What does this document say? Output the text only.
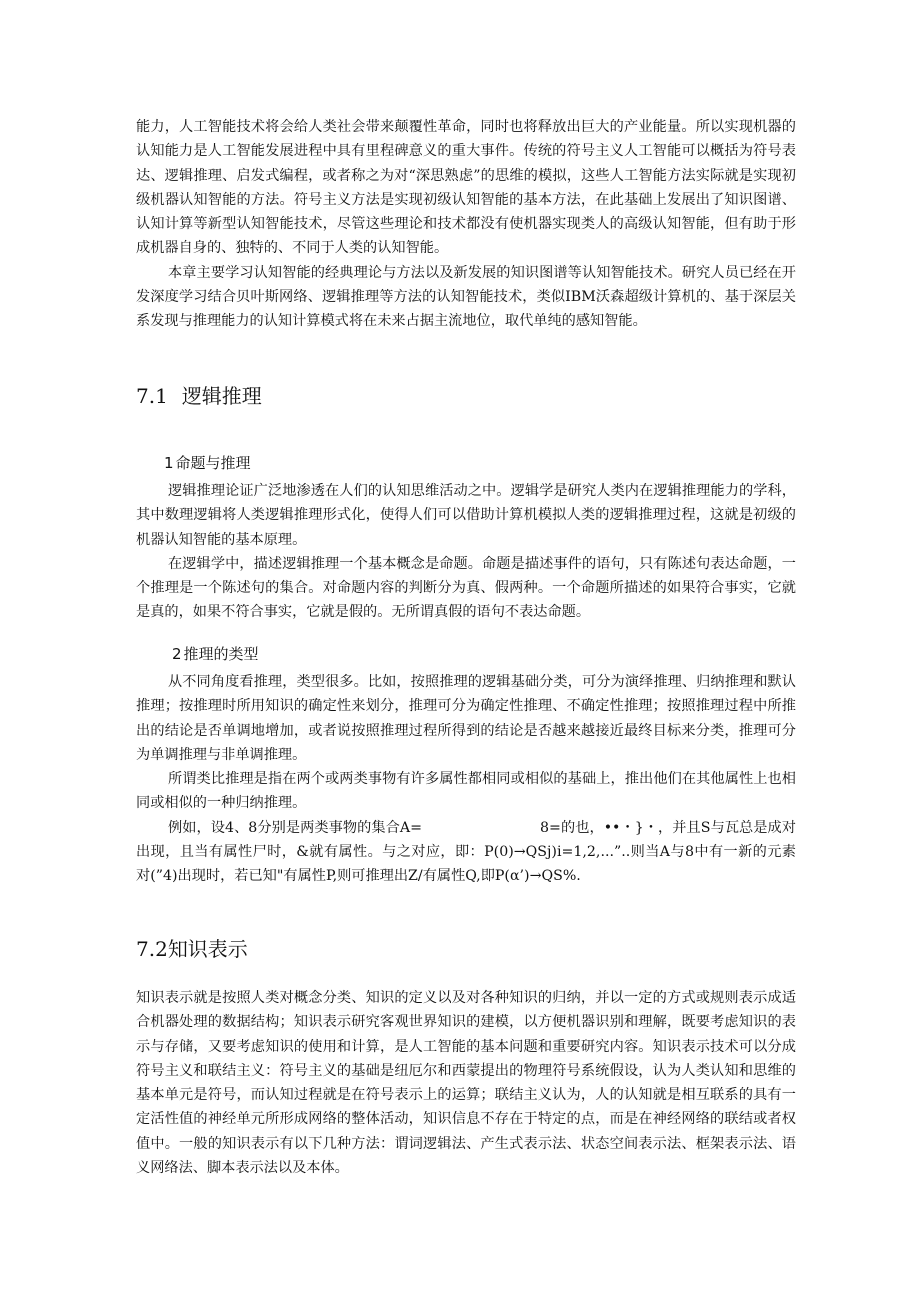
能力，人工智能技术将会给人类社会带来颠覆性革命，同时也将释放出巨大的产业能量。所以实现机器的认知能力是人工智能发展进程中具有里程碑意义的重大事件。传统的符号主义人工智能可以概括为符号表达、逻辑推理、启发式编程，或者称之为对“深思熟虑”的思维的模拟，这些人工智能方法实际就是实现初级机器认知智能的方法。符号主义方法是实现初级认知智能的基本方法，在此基础上发展出了知识图谱、认知计算等新型认知智能技术，尽管这些理论和技术都没有使机器实现类人的高级认知智能，但有助于形成机器自身的、独特的、不同于人类的认知智能。

本章主要学习认知智能的经典理论与方法以及新发展的知识图谱等认知智能技术。研究人员已经在开发深度学习结合贝叶斯网络、逻辑推理等方法的认知智能技术，类似IBM沃森超级计算机的、基于深层关系发现与推理能力的认知计算模式将在未来占据主流地位，取代单纯的感知智能。

7.1 逻辑推理
1 命题与推理

逻辑推理论证广泛地渗透在人们的认知思维活动之中。逻辑学是研究人类内在逻辑推理能力的学科，其中数理逻辑将人类逻辑推理形式化，使得人们可以借助计算机模拟人类的逻辑推理过程，这就是初级的机器认知智能的基本原理。

在逻辑学中，描述逻辑推理一个基本概念是命题。命题是描述事件的语句，只有陈述句表达命题，一个推理是一个陈述句的集合。对命题内容的判断分为真、假两种。一个命题所描述的如果符合事实，它就是真的，如果不符合事实，它就是假的。无所谓真假的语句不表达命题。

2 推理的类型

从不同角度看推理，类型很多。比如，按照推理的逻辑基础分类，可分为演绎推理、归纳推理和默认推理；按推理时所用知识的确定性来划分，推理可分为确定性推理、不确定性推理；按照推理过程中所推出的结论是否单调地增加，或者说按照推理过程所得到的结论是否越来越接近最终目标来分类，推理可分为单调推理与非单调推理。

所谓类比推理是指在两个或两类事物有许多属性都相同或相似的基础上，推出他们在其他属性上也相同或相似的一种归纳推理。

例如，设4、8分别是两类事物的集合A=	8=的也，••・}・，并且S与瓦总是成对出现，且当有属性尸时，&就有属性。与之对应，即：P(0)→QSj)i=1,2,...”..则当A与8中有一新的元素对(”4)出现时，若已知"有属性P,则可推理出Z/有属性Q,即P(α’)→QS%.

7.2知识表示

知识表示就是按照人类对概念分类、知识的定义以及对各种知识的归纳，并以一定的方式或规则表示成适合机器处理的数据结构；知识表示研究客观世界知识的建模，以方便机器识别和理解，既要考虑知识的表示与存储，又要考虑知识的使用和计算，是人工智能的基本问题和重要研究内容。知识表示技术可以分成符号主义和联结主义：符号主义的基础是纽厄尔和西蒙提出的物理符号系统假设，认为人类认知和思维的基本单元是符号，而认知过程就是在符号表示上的运算；联结主义认为，人的认知就是相互联系的具有一定活性值的神经单元所形成网络的整体活动，知识信息不存在于特定的点，而是在神经网络的联结或者权值中。一般的知识表示有以下几种方法：谓词逻辑法、产生式表示法、状态空间表示法、框架表示法、语义网络法、脚本表示法以及本体。
